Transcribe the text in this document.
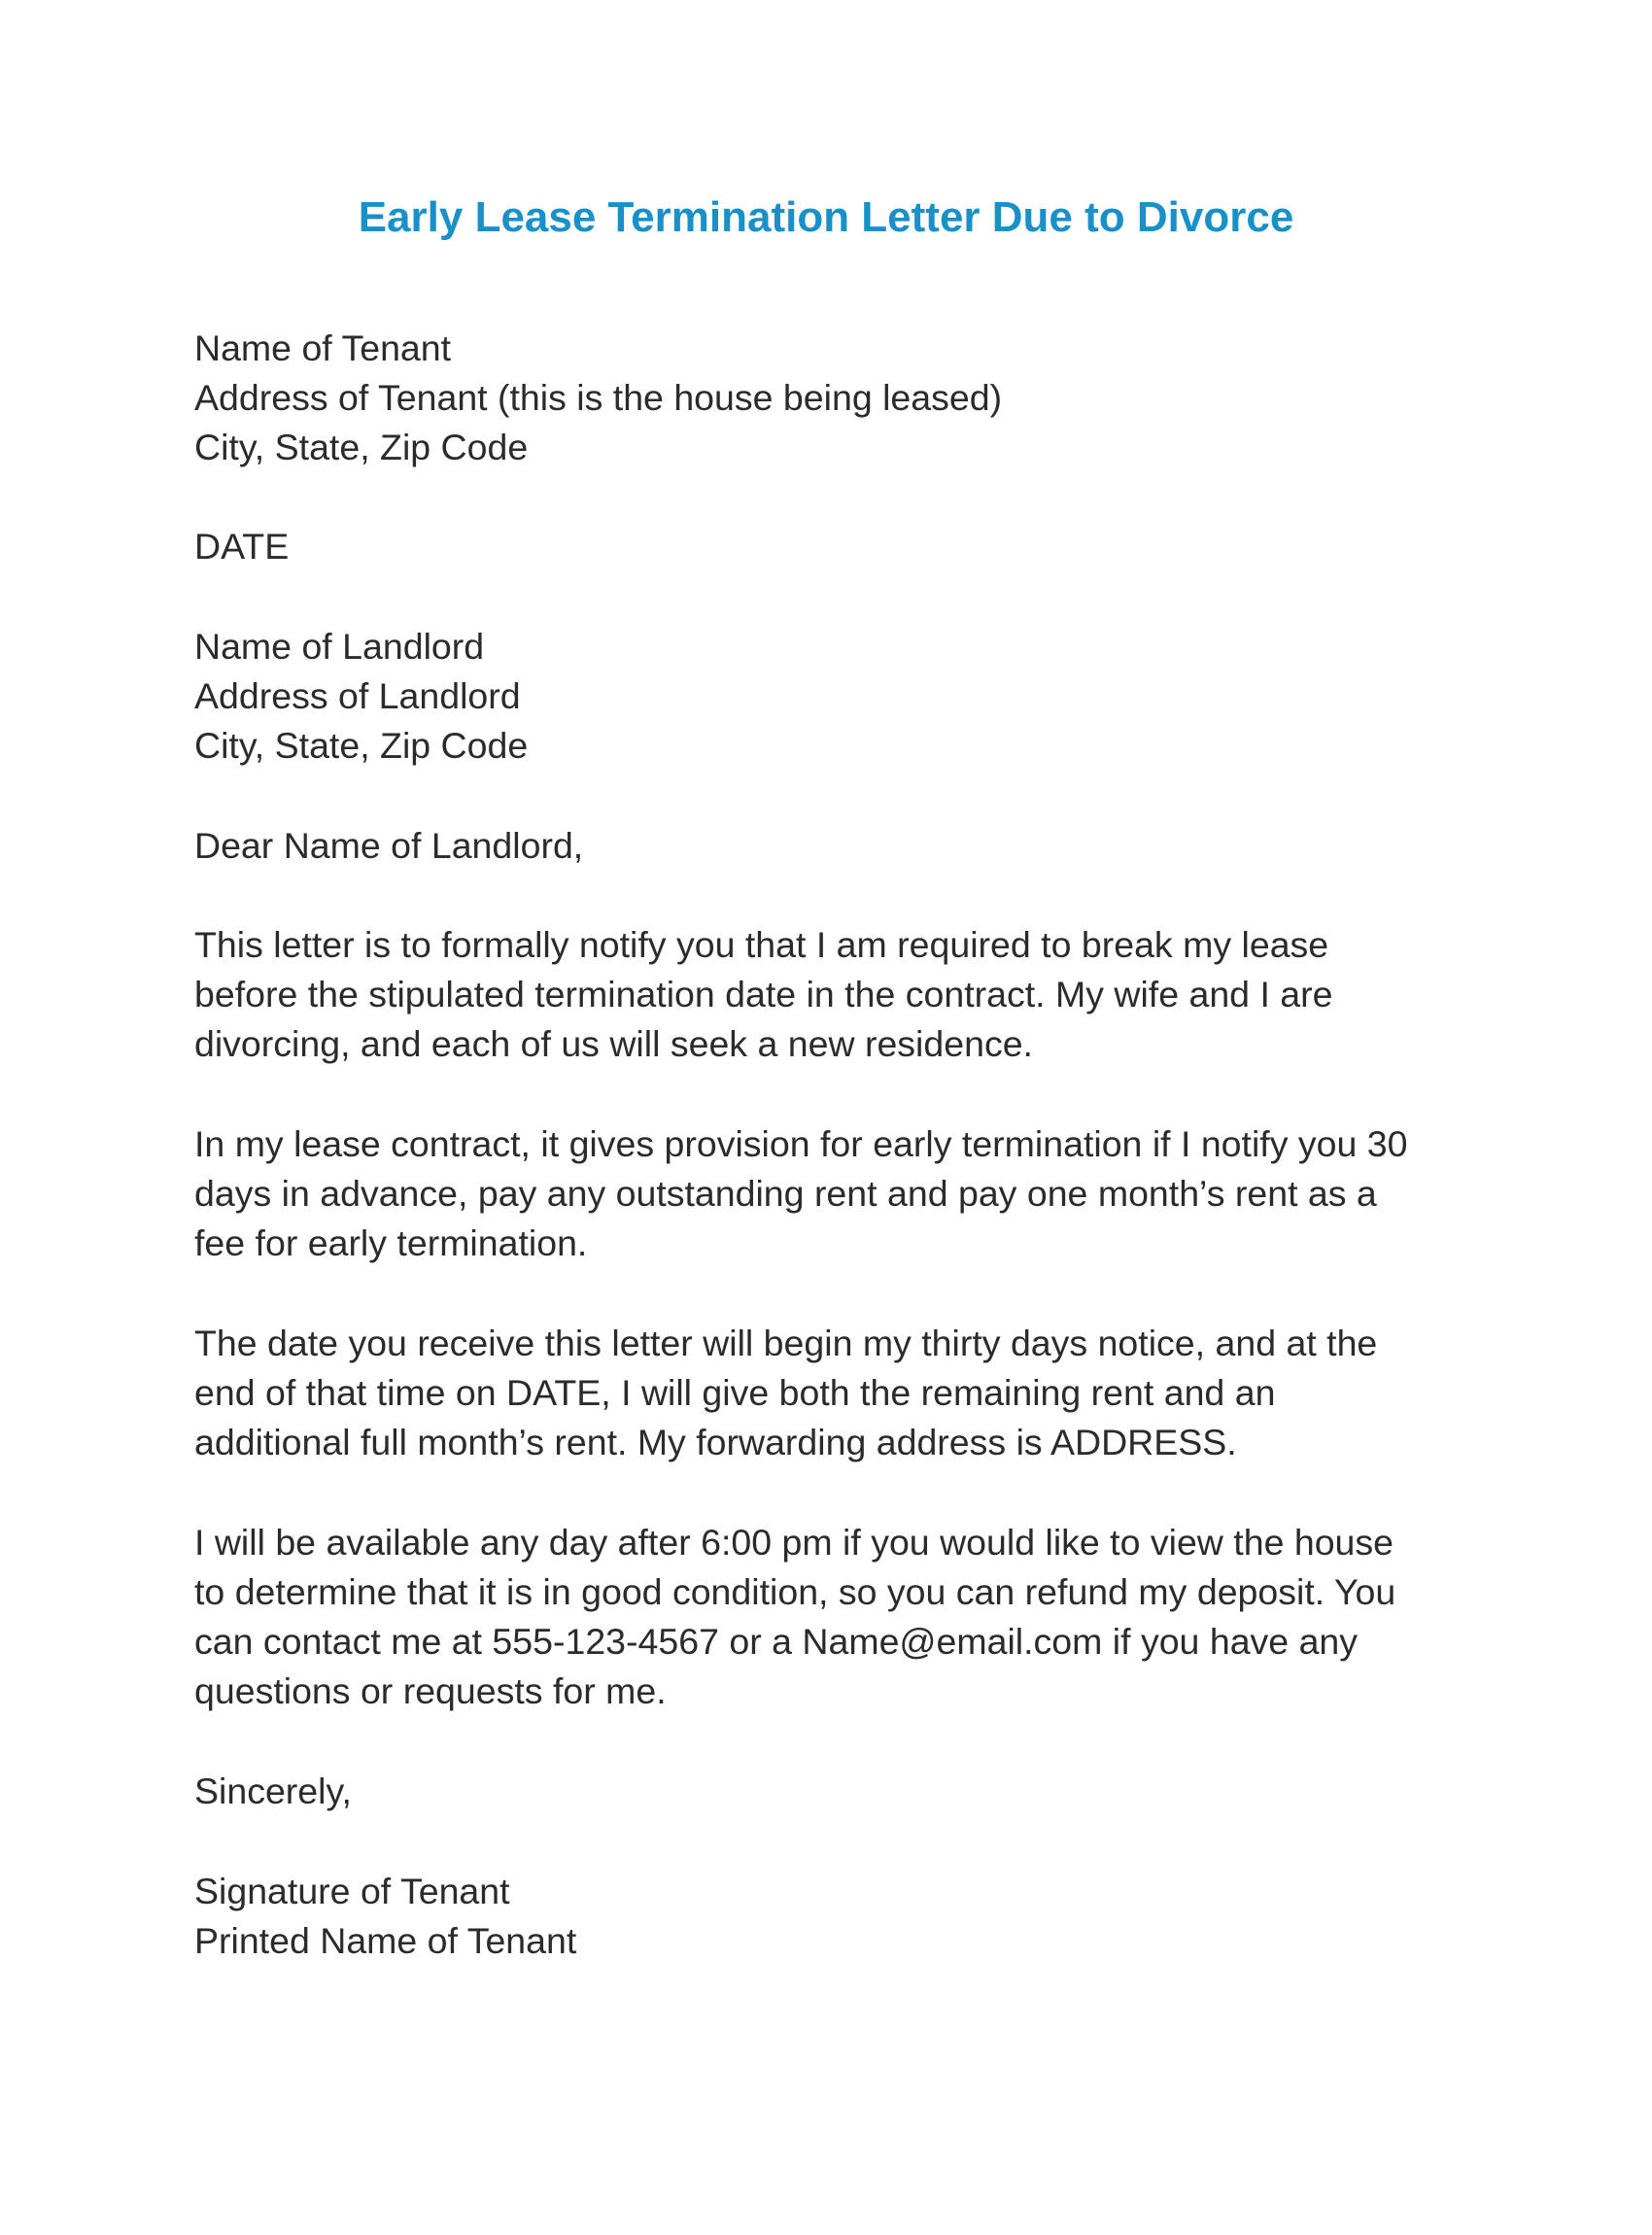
Early Lease Termination Letter Due to Divorce
Name of Tenant
Address of Tenant (this is the house being leased)
City, State, Zip Code
DATE
Name of Landlord
Address of Landlord
City, State, Zip Code
Dear Name of Landlord,
This letter is to formally notify you that I am required to break my lease
before the stipulated termination date in the contract. My wife and I are
divorcing, and each of us will seek a new residence.
In my lease contract, it gives provision for early termination if I notify you 30
days in advance, pay any outstanding rent and pay one month’s rent as a
fee for early termination.
The date you receive this letter will begin my thirty days notice, and at the
end of that time on DATE, I will give both the remaining rent and an
additional full month’s rent. My forwarding address is ADDRESS.
I will be available any day after 6:00 pm if you would like to view the house
to determine that it is in good condition, so you can refund my deposit. You
can contact me at 555-123-4567 or a Name@email.com if you have any
questions or requests for me.
Sincerely,
Signature of Tenant
Printed Name of Tenant
